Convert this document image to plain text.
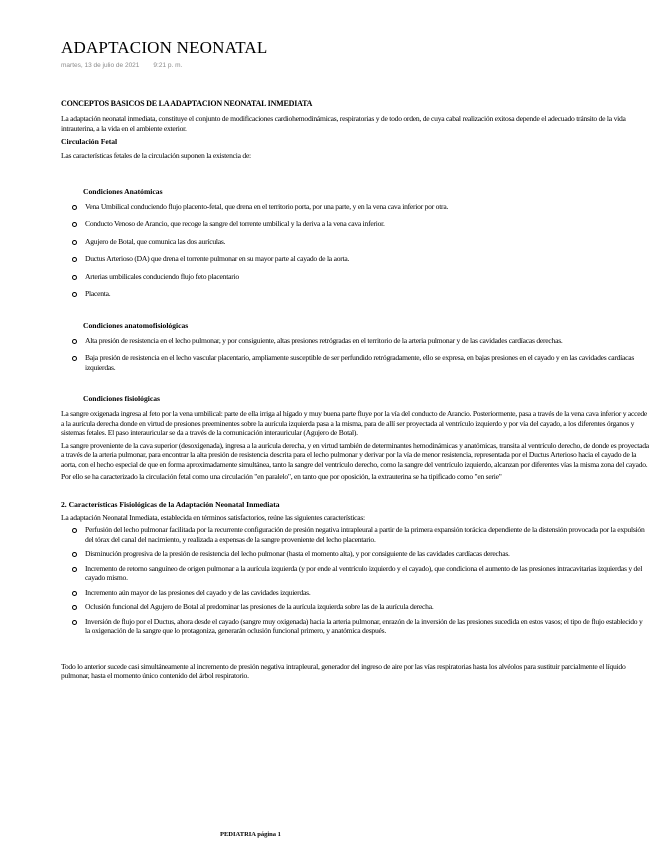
ADAPTACION NEONATAL
martes, 13 de julio de 2021 9:21 p. m.
CONCEPTOS BASICOS DE LA ADAPTACION NEONATAL INMEDIATA

La adaptación neonatal inmediata, constituye el conjunto de modificaciones cardiohemodinámicas, respiratorias y de todo orden, de cuya cabal realización exitosa depende el adecuado tránsito de la vida intrauterina, a la vida en el ambiente exterior.

Circulación Fetal

Las características fetales de la circulación suponen la existencia de:

Condiciones Anatómicas
Vena Umbilical conduciendo flujo placento-fetal, que drena en el territorio porta, por una parte, y en la vena cava inferior por otra.
Conducto Venoso de Arancio, que recoge la sangre del torrente umbilical y la deriva a la vena cava inferior.
Agujero de Botal, que comunica las dos aurículas.
Ductus Arterioso (DA) que drena el torrente pulmonar en su mayor parte al cayado de la aorta.
Arterias umbilicales conduciendo flujo feto placentario
Placenta.
Condiciones anatomofisiológicas
Alta presión de resistencia en el lecho pulmonar, y por consiguiente, altas presiones retrógradas en el territorio de la arteria pulmonar y de las cavidades cardíacas derechas.
Baja presión de resistencia en el lecho vascular placentario, ampliamente susceptible de ser perfundido retrógradamente, ello se expresa, en bajas presiones en el cayado y en las cavidades cardíacas izquierdas.
Condiciones fisiológicas

La sangre oxigenada ingresa al feto por la vena umbilical: parte de ella irriga al hígado y muy buena parte fluye por la vía del conducto de Arancio. Posteriormente, pasa a través de la vena cava inferior y accede a la aurícula derecha donde en virtud de presiones preeminentes sobre la aurícula izquierda pasa a la misma, para de allí ser proyectada al ventrículo izquierdo y por vía del cayado, a los diferentes órganos y sistemas fetales. El paso interauricular se da a través de la comunicación interauricular (Agujero de Botal).

La sangre proveniente de la cava superior (desoxigenada), ingresa a la aurícula derecha, y en virtud también de determinantes hemodinámicas y anatómicas, transita al ventrículo derecho, de donde es proyectada a través de la arteria pulmonar, para encontrar la alta presión de resistencia descrita para el lecho pulmonar y derivar por la vía de menor resistencia, representada por el Ductus Arterioso hacia el cayado de la aorta, con el hecho especial de que en forma aproximadamente simultánea, tanto la sangre del ventrículo derecho, como la sangre del ventrículo izquierdo, alcanzan por diferentes vías la misma zona del cayado.

Por ello se ha caracterizado la circulación fetal como una circulación "en paralelo", en tanto que por oposición, la extrauterina se ha tipificado como "en serie"

2. Características Fisiológicas de la Adaptación Neonatal Inmediata

La adaptación Neonatal Inmediata, establecida en términos satisfactorios, reúne las siguientes características:

Perfusión del lecho pulmonar facilitada por la recurrente configuración de presión negativa intrapleural a partir de la primera expansión torácica dependiente de la distensión provocada por la expulsión del tórax del canal del nacimiento, y realizada a expensas de la sangre proveniente del lecho placentario.
Disminución progresiva de la presión de resistencia del lecho pulmonar (hasta el momento alta), y por consiguiente de las cavidades cardíacas derechas.
Incremento de retorno sanguíneo de origen pulmonar a la aurícula izquierda (y por ende al ventrículo izquierdo y el cayado), que condiciona el aumento de las presiones intracavitarias izquierdas y del cayado mismo.
Incremento aún mayor de las presiones del cayado y de las cavidades izquierdas.
Oclusión funcional del Agujero de Botal al predominar las presiones de la aurícula izquierda sobre las de la aurícula derecha.
Inversión de flujo por el Ductus, ahora desde el cayado (sangre muy oxigenada) hacia la arteria pulmonar, enrazón de la inversión de las presiones sucedida en estos vasos; el tipo de flujo establecido y la oxigenación de la sangre que lo protagoniza, generarán oclusión funcional primero, y anatómica después.

Todo lo anterior sucede casi simultáneamente al incremento de presión negativa intrapleural, generador del ingreso de aire por las vías respiratorias hasta los alvéolos para sustituir parcialmente el líquido pulmonar, hasta el momento único contenido del árbol respiratorio.

PEDIATRIA página 1
